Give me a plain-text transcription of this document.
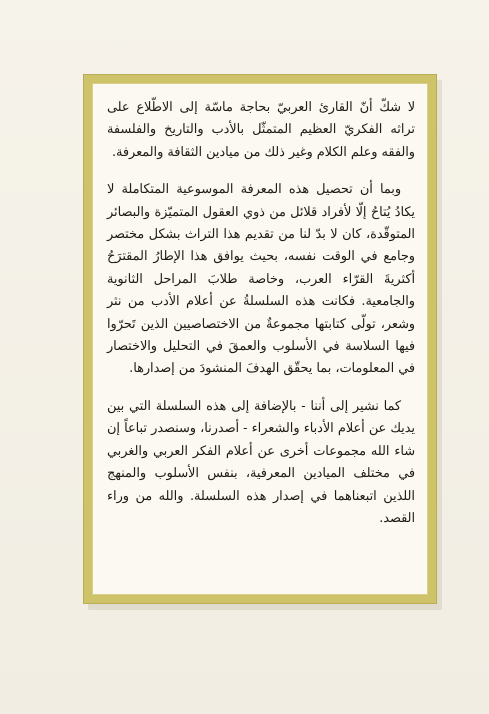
لا شكّ أنّ القارئ العربيّ بحاجة ماسّة إلى الاطّلاع على تراثه الفكريّ العظيم المتمثّل بالأدب والتاريخ والفلسفة والفقه وعلم الكلام وغير ذلك من ميادين الثقافة والمعرفة.

وبما أن تحصيل هذه المعرفة الموسوعية المتكاملة لا يكادُ يُتاحُ إلّا لأفراد قلائل من ذوي العقول المتميّزة والبصائر المتوقّدة، كان لا بدّ لنا من تقديم هذا التراث بشكل مختصر وجامع في الوقت نفسه، بحيث يوافق هذا الإطارُ المقترَحُ أكثريةَ القرّاء العرب، وخاصة طلابَ المراحل الثانوية والجامعية. فكانت هذه السلسلةُ عن أعلام الأدب من نثر وشعر، تولّى كتابتها مجموعةٌ من الاختصاصيين الذين تَحرّوا فيها السلاسة في الأسلوب والعمقَ في التحليل والاختصار في المعلومات، بما يحقّق الهدفَ المنشودَ من إصدارها.

كما نشير إلى أننا - بالإضافة إلى هذه السلسلة التي بين يديك عن أعلام الأدباء والشعراء - أصدرنا، وسنصدر تباعاً إن شاء الله مجموعات أخرى عن أعلام الفكر العربي والغربي في مختلف الميادين المعرفية، بنفس الأسلوب والمنهج اللذين اتبعناهما في إصدار هذه السلسلة. والله من وراء القصد.
